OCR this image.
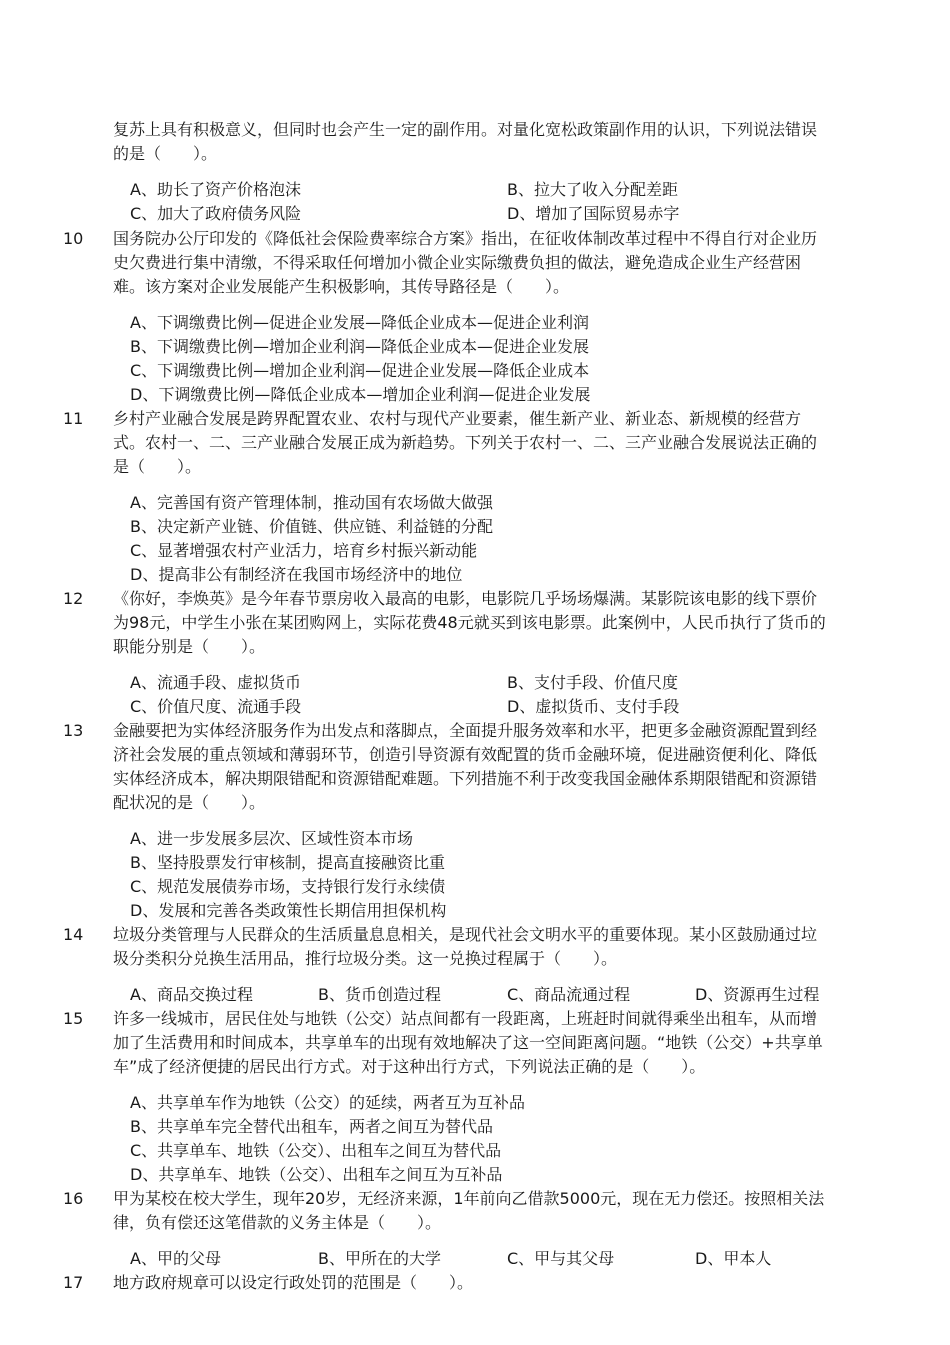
复苏上具有积极意义，但同时也会产生一定的副作用。对量化宽松政策副作用的认识，下列说法错误
的是（　　）。
A、助长了资产价格泡沫	B、拉大了收入分配差距
C、加大了政府债务风险	D、增加了国际贸易赤字
10 国务院办公厅印发的《降低社会保险费率综合方案》指出，在征收体制改革过程中不得自行对企业历
史欠费进行集中清缴，不得采取任何增加小微企业实际缴费负担的做法，避免造成企业生产经营困
难。该方案对企业发展能产生积极影响，其传导路径是（　　）。
A、下调缴费比例—促进企业发展—降低企业成本—促进企业利润
B、下调缴费比例—增加企业利润—降低企业成本—促进企业发展
C、下调缴费比例—增加企业利润—促进企业发展—降低企业成本
D、下调缴费比例—降低企业成本—增加企业利润—促进企业发展
11 乡村产业融合发展是跨界配置农业、农村与现代产业要素，催生新产业、新业态、新规模的经营方
式。农村一、二、三产业融合发展正成为新趋势。下列关于农村一、二、三产业融合发展说法正确的
是（　　）。
A、完善国有资产管理体制，推动国有农场做大做强
B、决定新产业链、价值链、供应链、利益链的分配
C、显著增强农村产业活力，培育乡村振兴新动能
D、提高非公有制经济在我国市场经济中的地位
12 《你好，李焕英》是今年春节票房收入最高的电影，电影院几乎场场爆满。某影院该电影的线下票价
为98元，中学生小张在某团购网上，实际花费48元就买到该电影票。此案例中，人民币执行了货币的
职能分别是（　　）。
A、流通手段、虚拟货币	B、支付手段、价值尺度
C、价值尺度、流通手段	D、虚拟货币、支付手段
13 金融要把为实体经济服务作为出发点和落脚点，全面提升服务效率和水平，把更多金融资源配置到经
济社会发展的重点领域和薄弱环节，创造引导资源有效配置的货币金融环境，促进融资便利化、降低
实体经济成本，解决期限错配和资源错配难题。下列措施不利于改变我国金融体系期限错配和资源错
配状况的是（　　）。
A、进一步发展多层次、区域性资本市场
B、坚持股票发行审核制，提高直接融资比重
C、规范发展债券市场，支持银行发行永续债
D、发展和完善各类政策性长期信用担保机构
14 垃圾分类管理与人民群众的生活质量息息相关，是现代社会文明水平的重要体现。某小区鼓励通过垃
圾分类积分兑换生活用品，推行垃圾分类。这一兑换过程属于（　　）。
A、商品交换过程	B、货币创造过程	C、商品流通过程	D、资源再生过程
15 许多一线城市，居民住处与地铁（公交）站点间都有一段距离，上班赶时间就得乘坐出租车，从而增
加了生活费用和时间成本，共享单车的出现有效地解决了这一空间距离问题。“地铁（公交）+共享单
车”成了经济便捷的居民出行方式。对于这种出行方式，下列说法正确的是（　　）。
A、共享单车作为地铁（公交）的延续，两者互为互补品
B、共享单车完全替代出租车，两者之间互为替代品
C、共享单车、地铁（公交）、出租车之间互为替代品
D、共享单车、地铁（公交）、出租车之间互为互补品
16 甲为某校在校大学生，现年20岁，无经济来源，1年前向乙借款5000元，现在无力偿还。按照相关法
律，负有偿还这笔借款的义务主体是（　　）。
A、甲的父母	B、甲所在的大学	C、甲与其父母	D、甲本人
17 地方政府规章可以设定行政处罚的范围是（　　）。
